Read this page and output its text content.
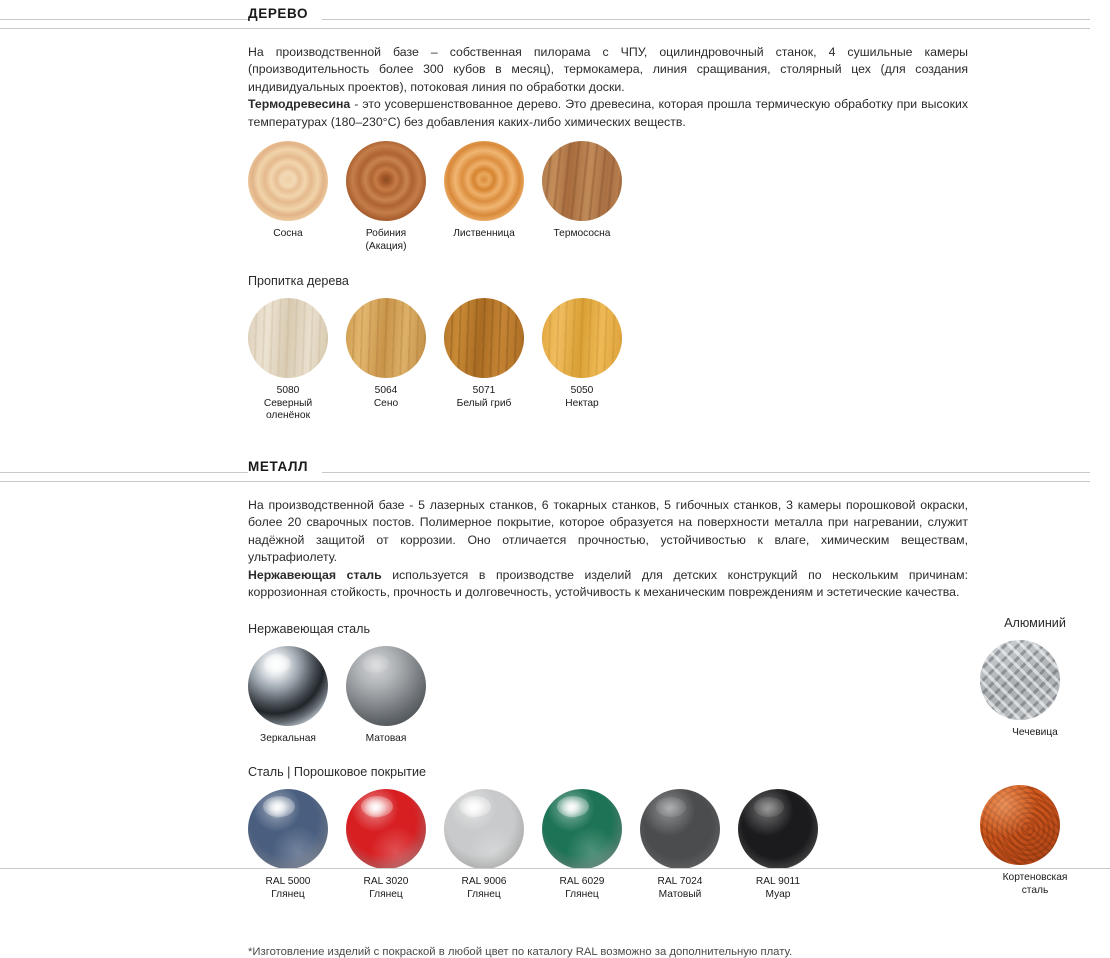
ДЕРЕВО
На производственной базе – собственная пилорама с ЧПУ, оцилиндровочный станок, 4 сушильные камеры (производительность более 300 кубов в месяц), термокамера, линия сращивания, столярный цех (для создания индивидуальных проектов), потоковая линия по обработки доски.
Термодревесина - это усовершенствованное дерево. Это древесина, которая прошла термическую обработку при высоких температурах (180–230°С) без добавления каких-либо химических веществ.
Сосна	Робиния (Акация)
Лиственница	Термососна
Пропитка дерева
5080
Северный оленёнок
5064
Сено
5071
Белый гриб
5050
Нектар
МЕТАЛЛ
На производственной базе - 5 лазерных станков, 6 токарных станков, 5 гибочных станков, 3 камеры порошковой окраски, более 20 сварочных постов. Полимерное покрытие, которое образуется на поверхности металла при нагревании, служит надёжной защитой от коррозии. Оно отличается прочностью, устойчивостью к влаге, химическим веществам, ультрафиолету.
Нержавеющая сталь используется в производстве изделий для детских конструкций по нескольким причинам: коррозионная стойкость, прочность и долговечность, устойчивость к механическим повреждениям и эстетические качества.
Нержавеющая сталь
Зеркальная	Матовая
Алюминий
Чечевица
Сталь | Порошковое покрытие
RAL 5000
Глянец
RAL 3020
Глянец
RAL 9006
Глянец
RAL 6029
Глянец
RAL 7024
Матовый
RAL 9011
Муар
Кортеновская
сталь
*Изготовление изделий с покраской в любой цвет по каталогу RAL возможно за дополнительную плату.
